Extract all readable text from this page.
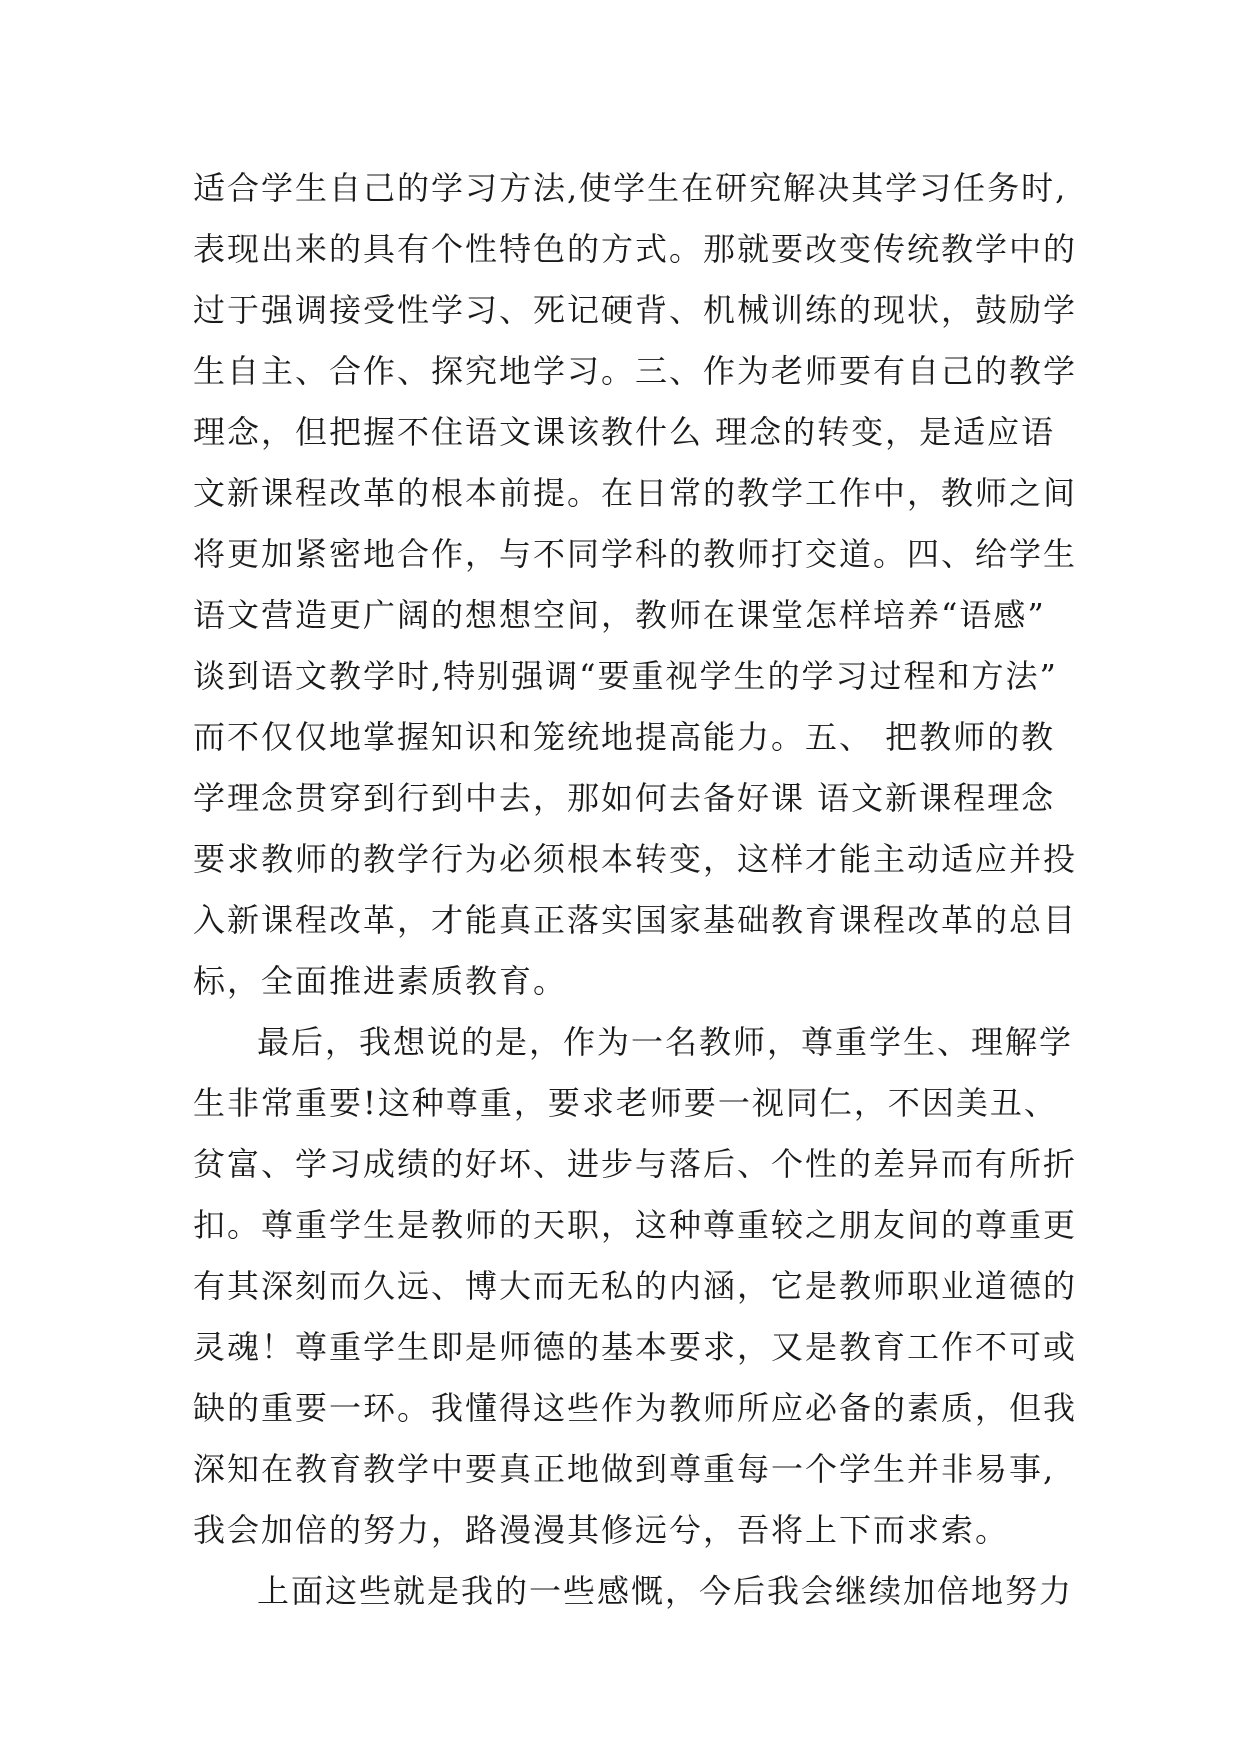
适合学生自己的学习方法,使学生在研究解决其学习任务时,
表现出来的具有个性特色的方式。那就要改变传统教学中的
过于强调接受性学习、死记硬背、机械训练的现状，鼓励学
生自主、合作、探究地学习。三、作为老师要有自己的教学
理念，但把握不住语文课该教什么 理念的转变，是适应语
文新课程改革的根本前提。在日常的教学工作中，教师之间
将更加紧密地合作，与不同学科的教师打交道。四、给学生
语文营造更广阔的想想空间，教师在课堂怎样培养“语感”
谈到语文教学时,特别强调“要重视学生的学习过程和方法”
而不仅仅地掌握知识和笼统地提高能力。五、 把教师的教
学理念贯穿到行到中去，那如何去备好课 语文新课程理念
要求教师的教学行为必须根本转变，这样才能主动适应并投
入新课程改革，才能真正落实国家基础教育课程改革的总目
标，全面推进素质教育。
最后，我想说的是，作为一名教师，尊重学生、理解学
生非常重要!这种尊重，要求老师要一视同仁，不因美丑、
贫富、学习成绩的好坏、进步与落后、个性的差异而有所折
扣。尊重学生是教师的天职，这种尊重较之朋友间的尊重更
有其深刻而久远、博大而无私的内涵，它是教师职业道德的
灵魂！尊重学生即是师德的基本要求，又是教育工作不可或
缺的重要一环。我懂得这些作为教师所应必备的素质，但我
深知在教育教学中要真正地做到尊重每一个学生并非易事,
我会加倍的努力，路漫漫其修远兮，吾将上下而求索。
上面这些就是我的一些感慨，今后我会继续加倍地努力
